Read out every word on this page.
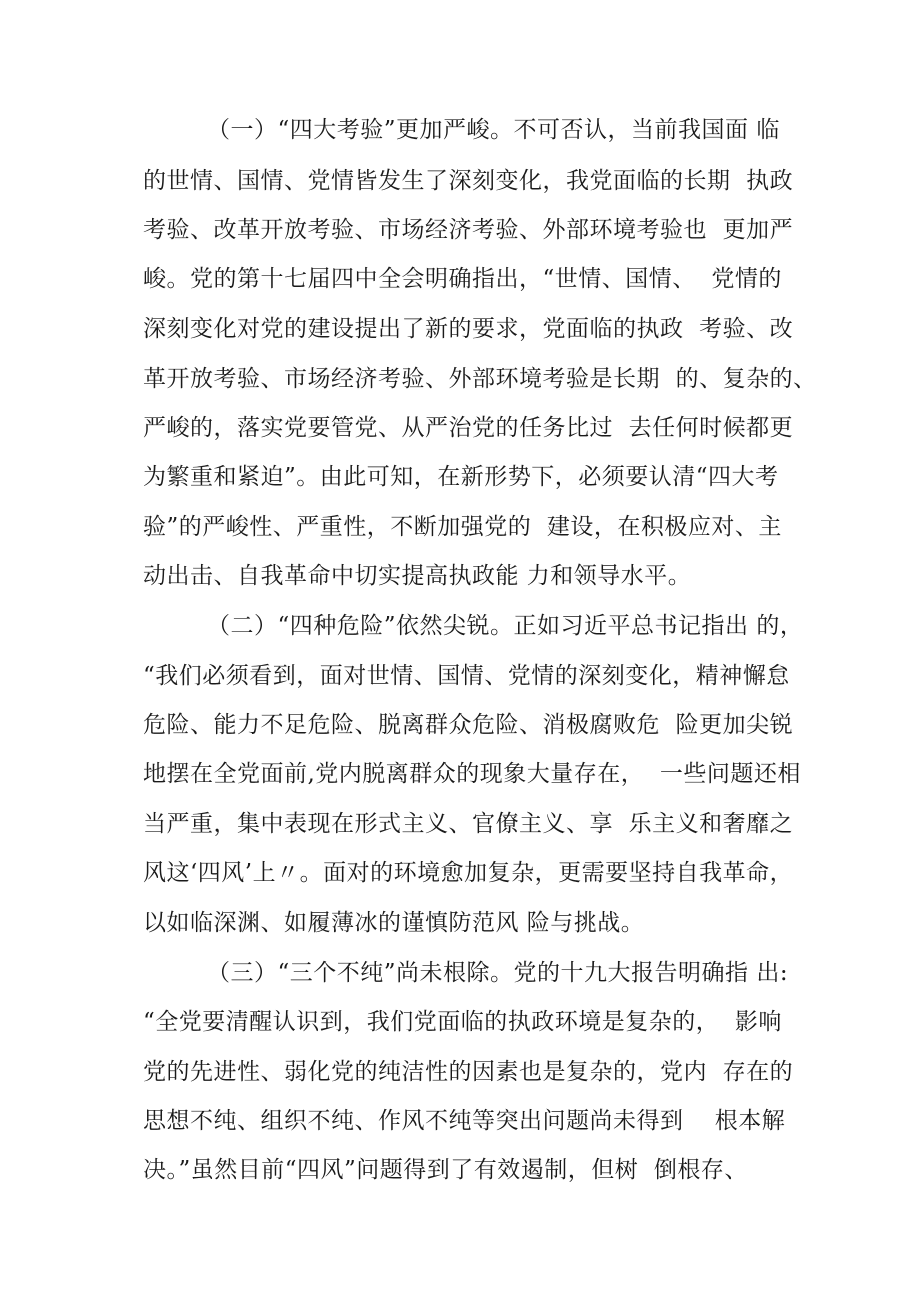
（一）“四大考验”更加严峻。不可否认，当前我国面 临
的世情、国情、党情皆发生了深刻变化，我党面临的长期  执政
考验、改革开放考验、市场经济考验、外部环境考验也  更加严
峻。党的第十七届四中全会明确指出，“世情、国情、  党情的
深刻变化对党的建设提出了新的要求，党面临的执政  考验、改
革开放考验、市场经济考验、外部环境考验是长期  的、复杂的、
严峻的，落实党要管党、从严治党的任务比过  去任何时候都更
为繁重和紧迫”。由此可知，在新形势下，必须要认清“四大考
验”的严峻性、严重性，不断加强党的  建设，在积极应对、主
动出击、自我革命中切实提高执政能 力和领导水平。
（二）“四种危险”依然尖锐。正如习近平总书记指出 的，
“我们必须看到，面对世情、国情、党情的深刻变化，精神懈怠
危险、能力不足危险、脱离群众危险、消极腐败危  险更加尖锐
地摆在全党面前,党内脱离群众的现象大量存在，  一些问题还相
当严重，集中表现在形式主义、官僚主义、享  乐主义和奢靡之
风这‘四风’上〃。面对的环境愈加复杂，更需要坚持自我革命，
以如临深渊、如履薄冰的谨慎防范风 险与挑战。
（三）“三个不纯”尚未根除。党的十九大报告明确指 出:
“全党要清醒认识到，我们党面临的执政环境是复杂的，  影响
党的先进性、弱化党的纯洁性的因素也是复杂的，党内  存在的
思想不纯、组织不纯、作风不纯等突出问题尚未得到    根本解
决。”虽然目前“四风”问题得到了有效遏制，但树  倒根存、
